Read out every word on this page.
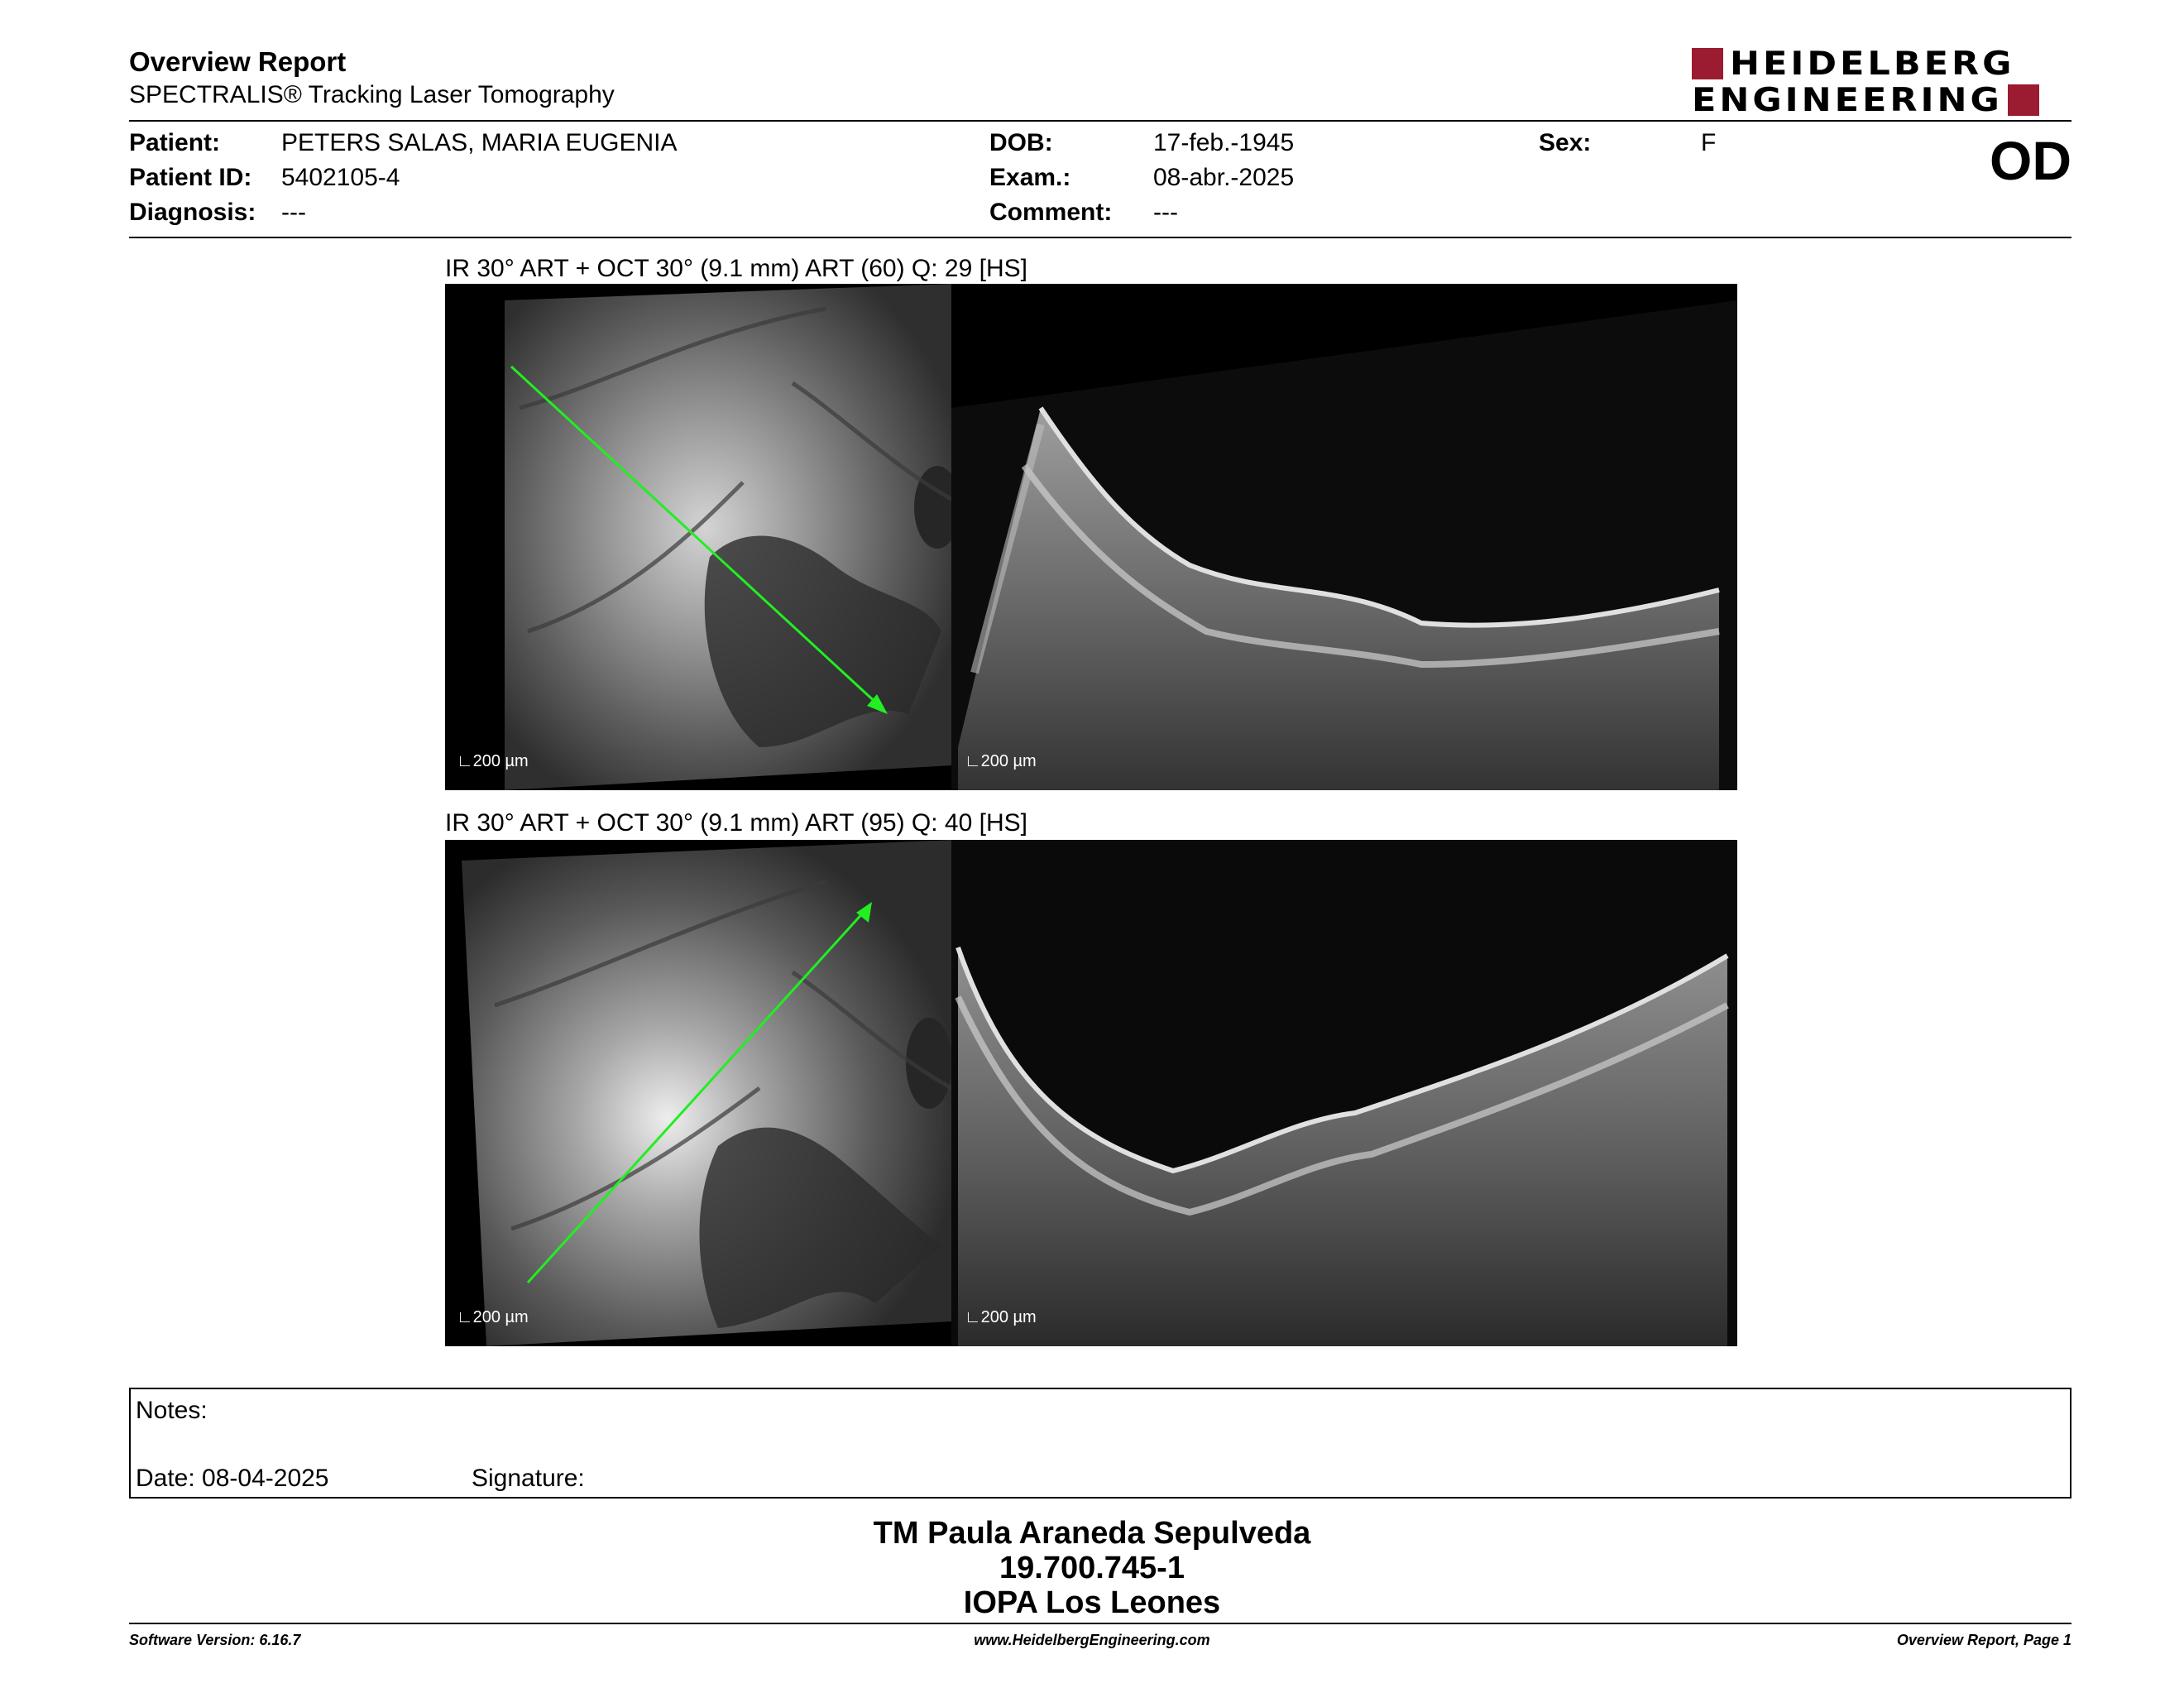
Overview Report
SPECTRALIS® Tracking Laser Tomography
HEIDELBERG
ENGINEERING
Patient: PETERS SALAS, MARIA EUGENIA
Patient ID: 5402105-4
Diagnosis: ---
DOB:	17-feb.-1945
Exam.:	08-abr.-2025
Comment: ---
Sex:	F	OD
IR 30° ART + OCT 30° (9.1 mm) ART (60) Q: 29 [HS]
∟200 µm	∟200 µm
IR 30° ART + OCT 30° (9.1 mm) ART (95) Q: 40 [HS]
∟200 µm	∟200 µm
Notes:
Date: 08-04-2025	Signature:
TM Paula Araneda Sepulveda
19.700.745-1
IOPA Los Leones
Software Version: 6.16.7	www.HeidelbergEngineering.com	Overview Report, Page 1
